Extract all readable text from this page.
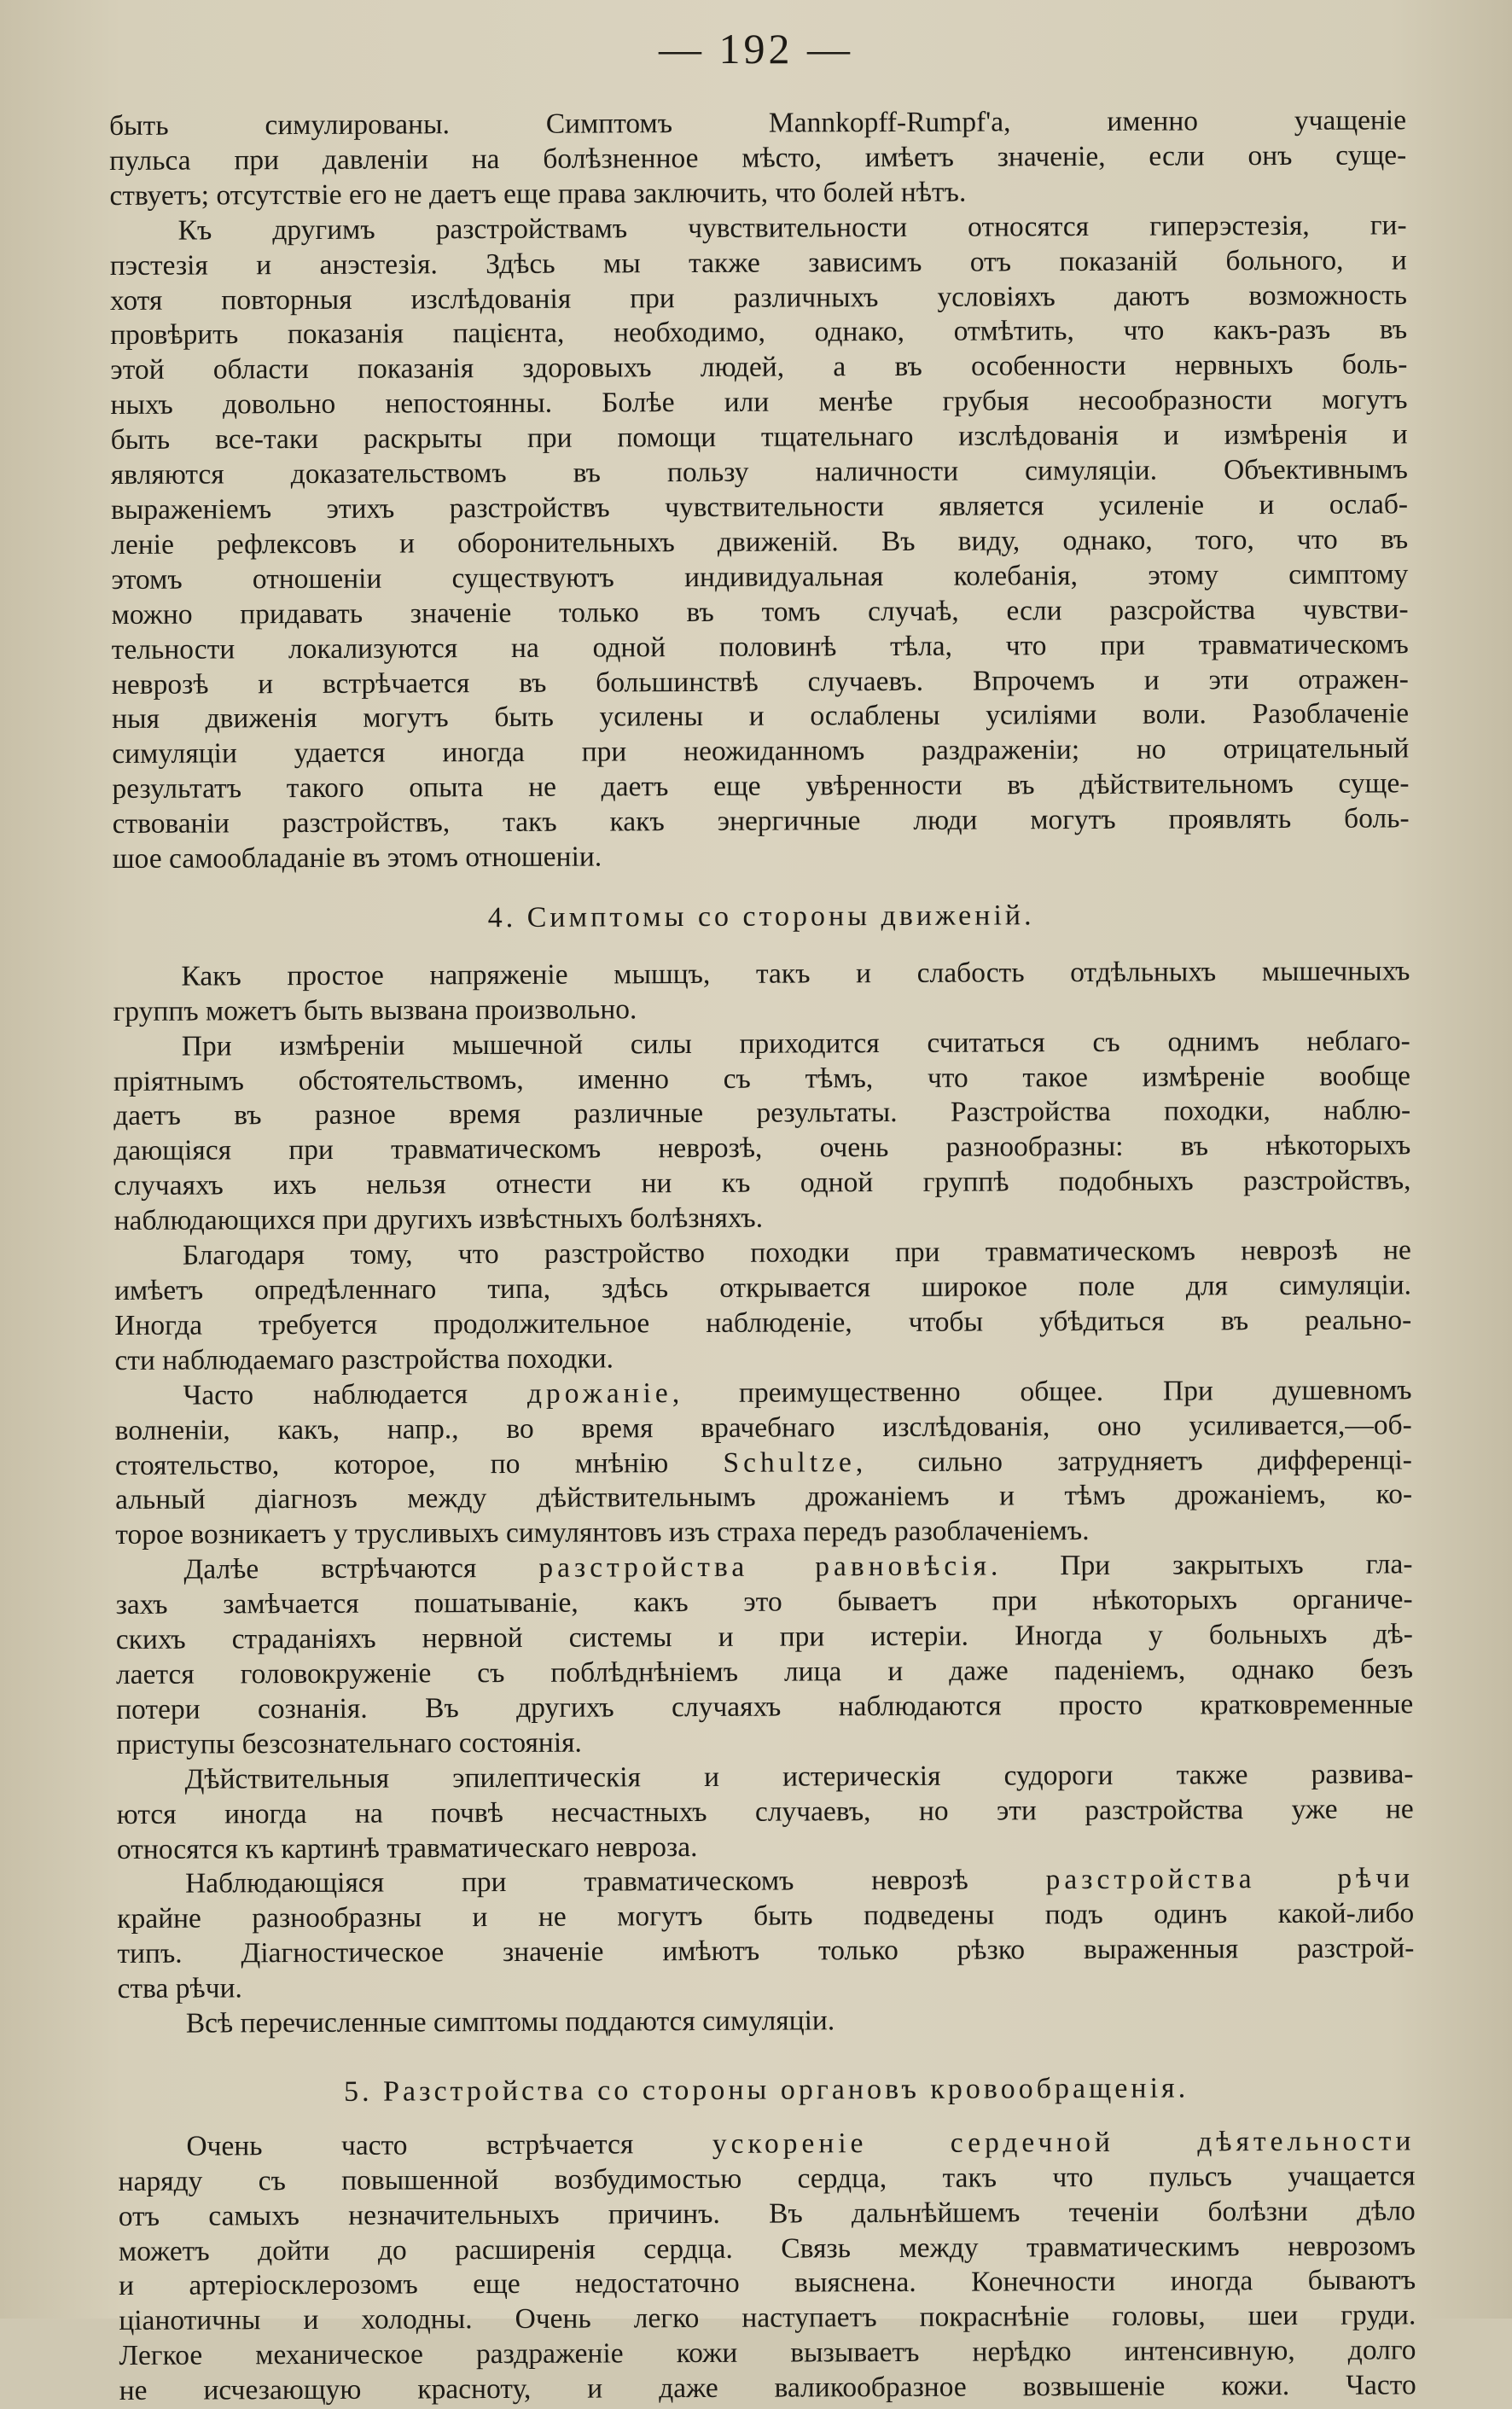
— 192 —

быть симулированы. Симптомъ Mannkopff-Rumpf'a, именно учащеніе

пульса при давленіи на болѣзненное мѣсто, имѣетъ значеніе, если онъ суще-

ствуетъ; отсутствіе его не даетъ еще права заключить, что болей нѣтъ.

Къ другимъ разстройствамъ чувствительности относятся гиперэстезія, ги-

пэстезія и анэстезія. Здѣсь мы также зависимъ отъ показаній больного, и

хотя повторныя изслѣдованія при различныхъ условіяхъ даютъ возможность

провѣрить показанія пацієнта, необходимо, однако, отмѣтить, что какъ-разъ въ

этой области показанія здоровыхъ людей, а въ особенности нервныхъ боль-

ныхъ довольно непостоянны. Болѣе или менѣе грубыя несообразности могутъ

быть все-таки раскрыты при помощи тщательнаго изслѣдованія и измѣренія и

являются доказательствомъ въ пользу наличности симуляціи. Объективнымъ

выраженіемъ этихъ разстройствъ чувствительности является усиленіе и ослаб-

леніе рефлексовъ и оборонительныхъ движеній. Въ виду, однако, того, что въ

этомъ отношеніи существуютъ индивидуальная колебанія, этому симптому

можно придавать значеніе только въ томъ случаѣ, если разсройства чувстви-

тельности локализуются на одной половинѣ тѣла, что при травматическомъ

неврозѣ и встрѣчается въ большинствѣ случаевъ. Впрочемъ и эти отражен-

ныя движенія могутъ быть усилены и ослаблены усиліями воли. Разоблаченіе

симуляціи удается иногда при неожиданномъ раздраженіи; но отрицательный

результатъ такого опыта не даетъ еще увѣренности въ дѣйствительномъ суще-

ствованіи разстройствъ, такъ какъ энергичные люди могутъ проявлять боль-

шое самообладаніе въ этомъ отношеніи.

4. Симптомы со стороны движеній.

Какъ простое напряженіе мышцъ, такъ и слабость отдѣльныхъ мышечныхъ

группъ можетъ быть вызвана произвольно.

При измѣреніи мышечной силы приходится считаться съ однимъ неблаго-

пріятнымъ обстоятельствомъ, именно съ тѣмъ, что такое измѣреніе вообще

даетъ въ разное время различные результаты. Разстройства походки, наблю-

дающіяся при травматическомъ неврозѣ, очень разнообразны: въ нѣкоторыхъ

случаяхъ ихъ нельзя отнести ни къ одной группѣ подобныхъ разстройствъ,

наблюдающихся при другихъ извѣстныхъ болѣзняхъ.

Благодаря тому, что разстройство походки при травматическомъ неврозѣ не

имѣетъ опредѣленнаго типа, здѣсь открывается широкое поле для симуляціи.

Иногда требуется продолжительное наблюденіе, чтобы убѣдиться въ реально-

сти наблюдаемаго разстройства походки.

Часто наблюдается дрожаніе, преимущественно общее. При душевномъ

волненіи, какъ, напр., во время врачебнаго изслѣдованія, оно усиливается,—об-

стоятельство, которое, по мнѣнію Schultze, сильно затрудняетъ дифференці-

альный діагнозъ между дѣйствительнымъ дрожаніемъ и тѣмъ дрожаніемъ, ко-

торое возникаетъ у трусливыхъ симулянтовъ изъ страха передъ разоблаченіемъ.

Далѣе встрѣчаются разстройства равновѣсія. При закрытыхъ гла-

захъ замѣчается пошатываніе, какъ это бываетъ при нѣкоторыхъ органиче-

скихъ страданіяхъ нервной системы и при истеріи. Иногда у больныхъ дѣ-

лается головокруженіе съ поблѣднѣніемъ лица и даже паденіемъ, однако безъ

потери сознанія. Въ другихъ случаяхъ наблюдаются просто кратковременные

приступы безсознательнаго состоянія.

Дѣйствительныя эпилептическія и истерическія судороги также развива-

ются иногда на почвѣ несчастныхъ случаевъ, но эти разстройства уже не

относятся къ картинѣ травматическаго невроза.

Наблюдающіяся при травматическомъ неврозѣ разстройства рѣчи

крайне разнообразны и не могутъ быть подведены подъ одинъ какой-либо

типъ. Діагностическое значеніе имѣютъ только рѣзко выраженныя разстрой-

ства рѣчи.

Всѣ перечисленные симптомы поддаются симуляціи.

5. Разстройства со стороны органовъ кровообращенія.

Очень часто встрѣчается ускореніе сердечной дѣятельности

наряду съ повышенной возбудимостью сердца, такъ что пульсъ учащается

отъ самыхъ незначительныхъ причинъ. Въ дальнѣйшемъ теченіи болѣзни дѣло

можетъ дойти до расширенія сердца. Связь между травматическимъ неврозомъ

и артеріосклерозомъ еще недостаточно выяснена. Конечности иногда бываютъ

ціанотичны и холодны. Очень легко наступаетъ покраснѣніе головы, шеи груди.

Легкое механическое раздраженіе кожи вызываетъ нерѣдко интенсивную, долго

не исчезающую красноту, и даже валикообразное возвышеніе кожи. Часто
